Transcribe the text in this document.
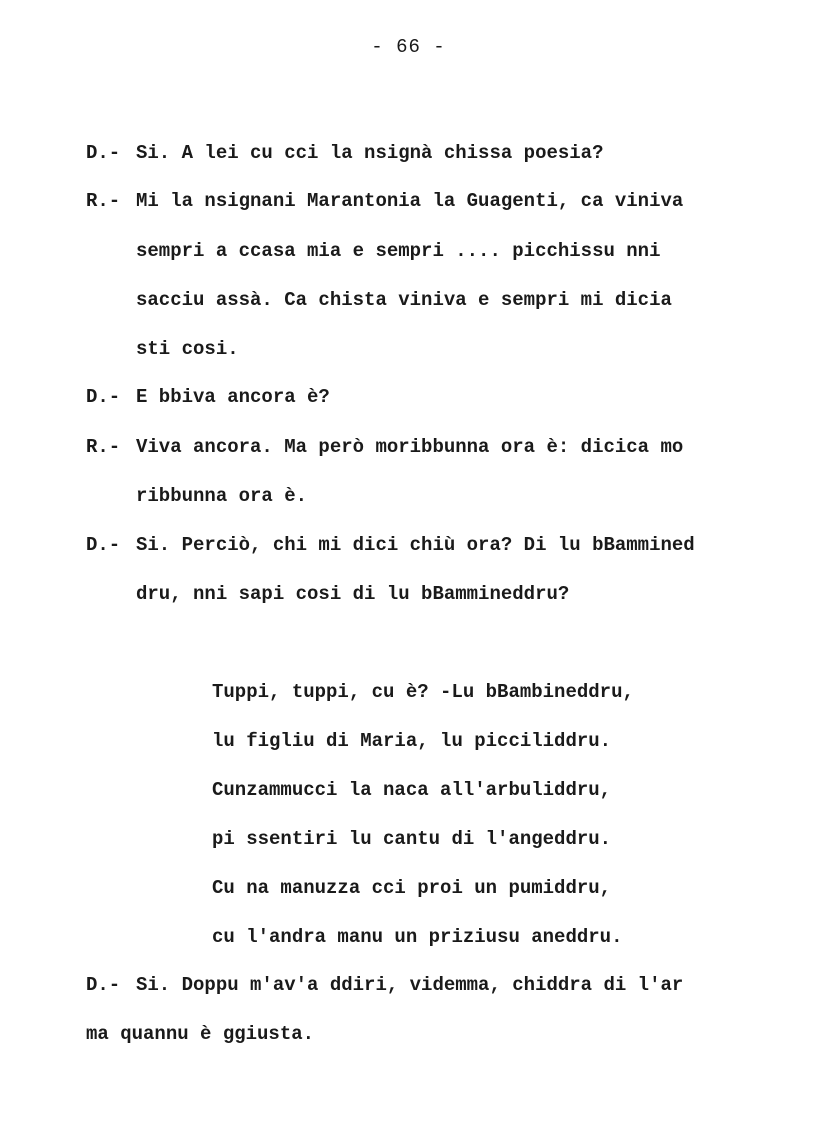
- 66 -
D.- Si. A lei cu cci la nsignà chissa poesia?
R.- Mi la nsignani Marantonia la Guagenti, ca viniva
sempri a ccasa mia e sempri .... picchissu nni
sacciu assà. Ca chista viniva e sempri mi dicia
sti cosi.
D.- E bbiva ancora è?
R.- Viva ancora. Ma però moribbunna ora è: dicica mo
ribbunna ora è.
D.- Si. Perciò, chi mi dici chiù ora? Di lu bBammined
dru, nni sapi cosi di lu bBammineddru?
Tuppi, tuppi, cu è? -Lu bBambineddru,
lu figliu di Maria, lu picciliddru.
Cunzammucci la naca all'arbuliddru,
pi ssentiri lu cantu di l'angeddru.
Cu na manuzza cci proi un pumiddru,
cu l'andra manu un priziusu aneddru.
D.- Si. Doppu m'av'a ddiri, videmma, chiddra di l'ar
ma quannu è ggiusta.
